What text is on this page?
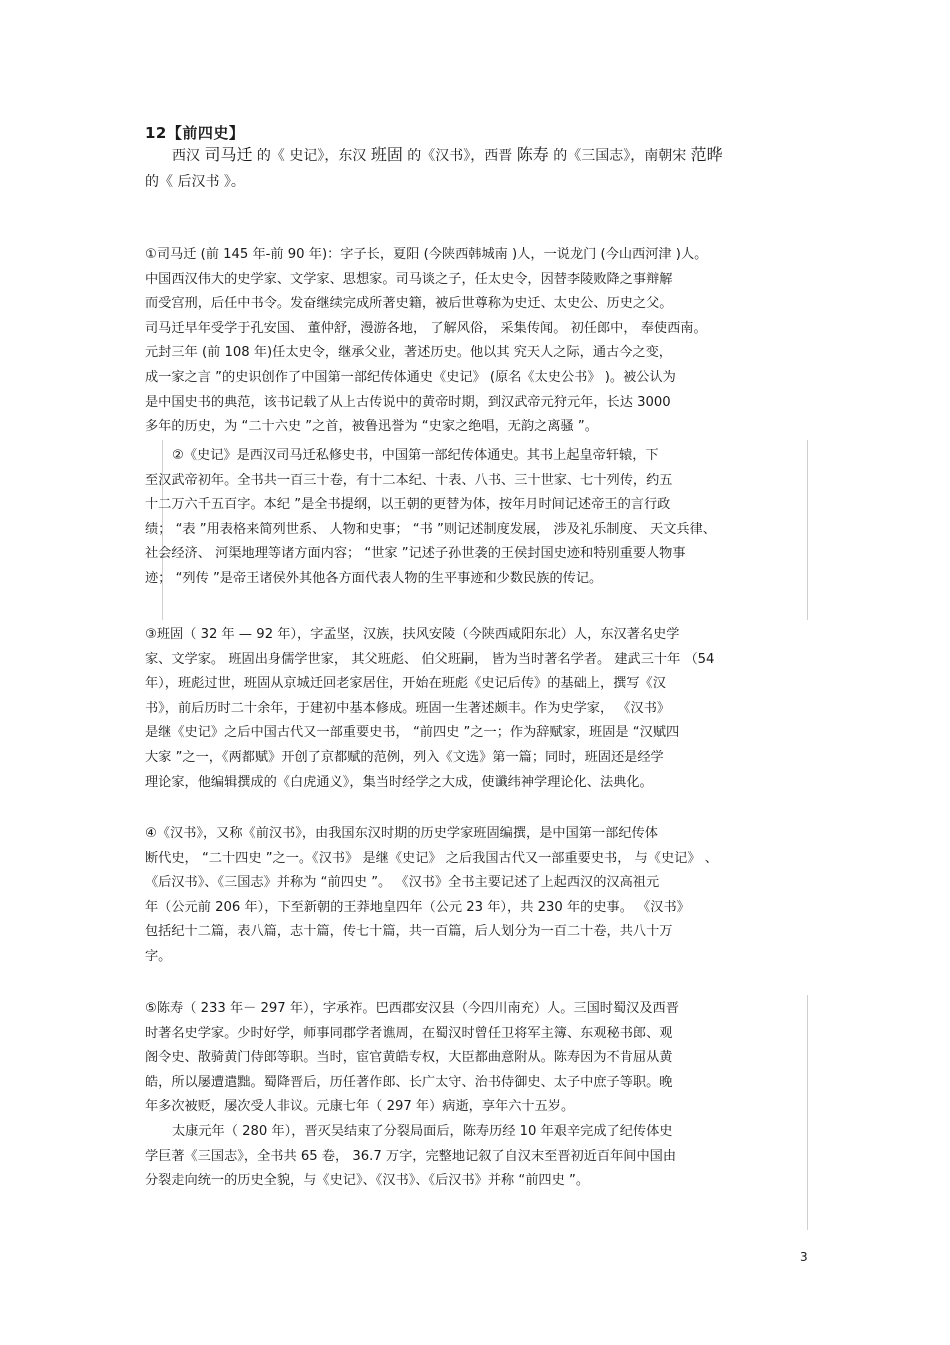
12【前四史】
西汉 司马迁 的《 史记》，东汉 班固 的《汉书》，西晋 陈寿 的《三国志》，南朝宋 范晔
的《 后汉书 》。
①司马迁 (前 145 年-前 90 年)：字子长，夏阳 (今陕西韩城南 )人，一说龙门 (今山西河津 )人。
中国西汉伟大的史学家、文学家、思想家。司马谈之子，任太史令，因替李陵败降之事辩解
而受宫刑，后任中书令。发奋继续完成所著史籍，被后世尊称为史迁、太史公、历史之父。
司马迁早年受学于孔安国、 董仲舒，漫游各地， 了解风俗， 采集传闻。 初任郎中， 奉使西南。
元封三年 (前 108 年)任太史令，继承父业，著述历史。他以其 究天人之际，通古今之变，
成一家之言 ”的史识创作了中国第一部纪传体通史《史记》 (原名《太史公书》 )。被公认为
是中国史书的典范，该书记载了从上古传说中的黄帝时期，到汉武帝元狩元年，长达 3000
多年的历史，为 “二十六史 ”之首，被鲁迅誉为 “史家之绝唱，无韵之离骚 ”。
②《史记》是西汉司马迁私修史书，中国第一部纪传体通史。其书上起皇帝轩辕，下
至汉武帝初年。全书共一百三十卷，有十二本纪、十表、八书、三十世家、七十列传，约五
十二万六千五百字。本纪 ”是全书提纲，以王朝的更替为体，按年月时间记述帝王的言行政
绩； “表 ”用表格来简列世系、 人物和史事； “书 ”则记述制度发展， 涉及礼乐制度、 天文兵律、
社会经济、 河渠地理等诸方面内容； “世家 ”记述子孙世袭的王侯封国史迹和特别重要人物事
迹； “列传 ”是帝王诸侯外其他各方面代表人物的生平事迹和少数民族的传记。
③班固（ 32 年 — 92 年），字孟坚，汉族，扶风安陵（今陕西咸阳东北）人，东汉著名史学
家、文学家。 班固出身儒学世家， 其父班彪、 伯父班嗣， 皆为当时著名学者。 建武三十年 （54
年），班彪过世，班固从京城迁回老家居住，开始在班彪《史记后传》的基础上，撰写《汉
书》，前后历时二十余年，于建初中基本修成。班固一生著述颇丰。作为史学家， 《汉书》
是继《史记》之后中国古代又一部重要史书， “前四史 ”之一；作为辞赋家，班固是 “汉赋四
大家 ”之一，《两都赋》开创了京都赋的范例，列入《文选》第一篇；同时，班固还是经学
理论家，他编辑撰成的《白虎通义》，集当时经学之大成，使谶纬神学理论化、法典化。
④《汉书》，又称《前汉书》，由我国东汉时期的历史学家班固编撰，是中国第一部纪传体
断代史， “二十四史 ”之一。《汉书》 是继《史记》 之后我国古代又一部重要史书， 与《史记》 、
《后汉书》、《三国志》并称为 “前四史 ”。 《汉书》全书主要记述了上起西汉的汉高祖元
年（公元前 206 年），下至新朝的王莽地皇四年（公元 23 年），共 230 年的史事。 《汉书》
包括纪十二篇，表八篇，志十篇，传七十篇，共一百篇，后人划分为一百二十卷，共八十万
字。
⑤陈寿（ 233 年－ 297 年），字承祚。巴西郡安汉县（今四川南充）人。三国时蜀汉及西晋
时著名史学家。少时好学，师事同郡学者谯周，在蜀汉时曾任卫将军主簿、东观秘书郎、观
阁令史、散骑黄门侍郎等职。当时，宦官黄皓专权，大臣都曲意附从。陈寿因为不肯屈从黄
皓，所以屡遭遣黜。蜀降晋后，历任著作郎、长广太守、治书侍御史、太子中庶子等职。晚
年多次被贬，屡次受人非议。元康七年（ 297 年）病逝，享年六十五岁。
太康元年（ 280 年），晋灭吴结束了分裂局面后，陈寿历经 10 年艰辛完成了纪传体史
学巨著《三国志》，全书共 65 卷， 36.7 万字，完整地记叙了自汉末至晋初近百年间中国由
分裂走向统一的历史全貌，与《史记》、《汉书》、《后汉书》并称 “前四史 ”。
3
